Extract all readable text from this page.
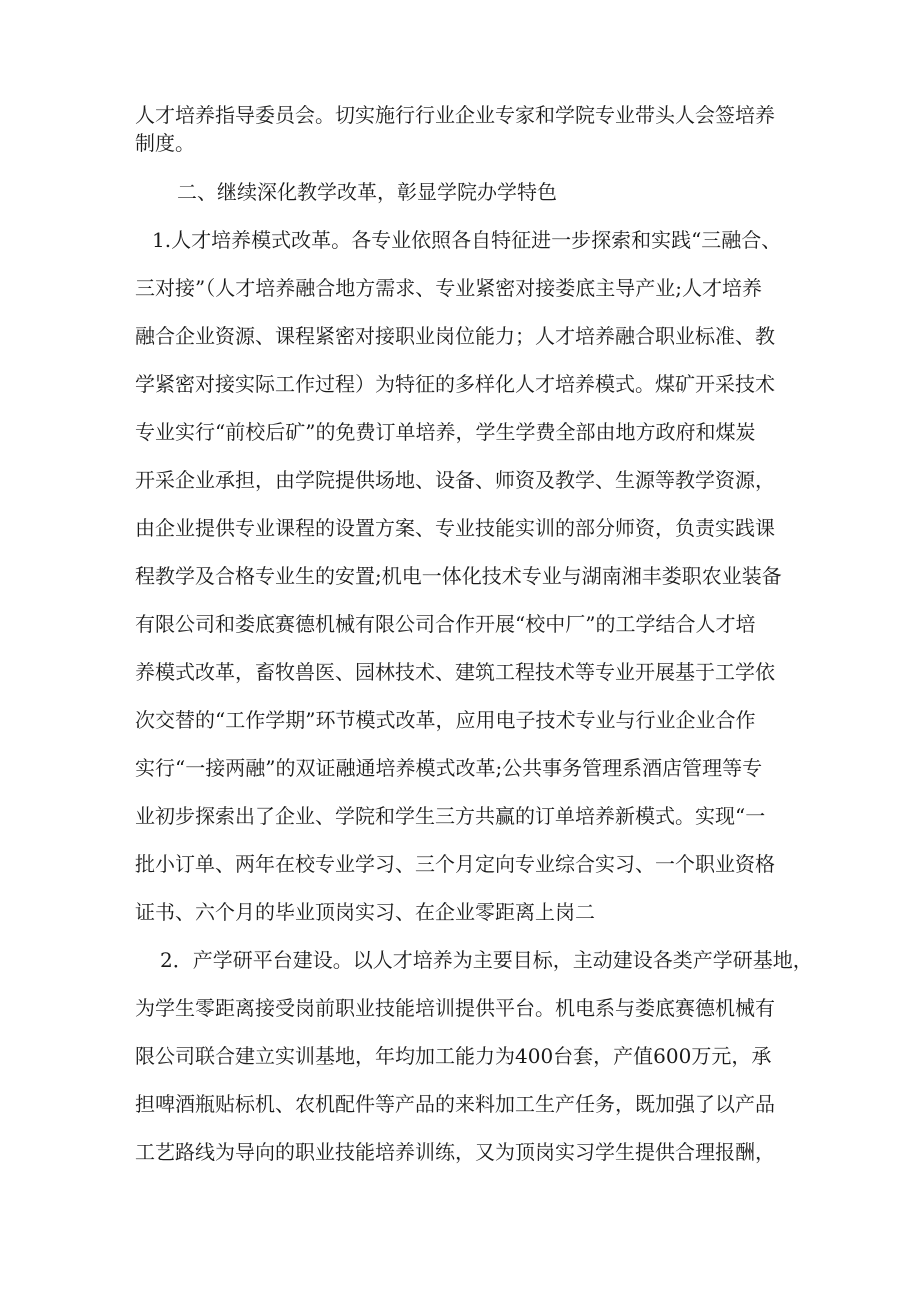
人才培养指导委员会。切实施行行业企业专家和学院专业带头人会签培养

制度。

二、继续深化教学改革，彰显学院办学特色

1.人才培养模式改革。各专业依照各自特征进一步探索和实践“三融合、

三对接”（人才培养融合地方需求、专业紧密对接娄底主导产业;人才培养

融合企业资源、课程紧密对接职业岗位能力；人才培养融合职业标准、教

学紧密对接实际工作过程）为特征的多样化人才培养模式。煤矿开采技术

专业实行“前校后矿”的免费订单培养，学生学费全部由地方政府和煤炭

开采企业承担，由学院提供场地、设备、师资及教学、生源等教学资源，

由企业提供专业课程的设置方案、专业技能实训的部分师资，负责实践课

程教学及合格专业生的安置;机电一体化技术专业与湖南湘丰娄职农业装备

有限公司和娄底赛德机械有限公司合作开展“校中厂”的工学结合人才培

养模式改革，畜牧兽医、园林技术、建筑工程技术等专业开展基于工学依

次交替的“工作学期”环节模式改革，应用电子技术专业与行业企业合作

实行“一接两融”的双证融通培养模式改革;公共事务管理系酒店管理等专

业初步探索出了企业、学院和学生三方共赢的订单培养新模式。实现“一

批小订单、两年在校专业学习、三个月定向专业综合实习、一个职业资格

证书、六个月的毕业顶岗实习、在企业零距离上岗二

2．产学研平台建设。以人才培养为主要目标，主动建设各类产学研基地，

为学生零距离接受岗前职业技能培训提供平台。机电系与娄底赛德机械有

限公司联合建立实训基地，年均加工能力为400台套，产值600万元，承

担啤酒瓶贴标机、农机配件等产品的来料加工生产任务，既加强了以产品

工艺路线为导向的职业技能培养训练，又为顶岗实习学生提供合理报酬，
